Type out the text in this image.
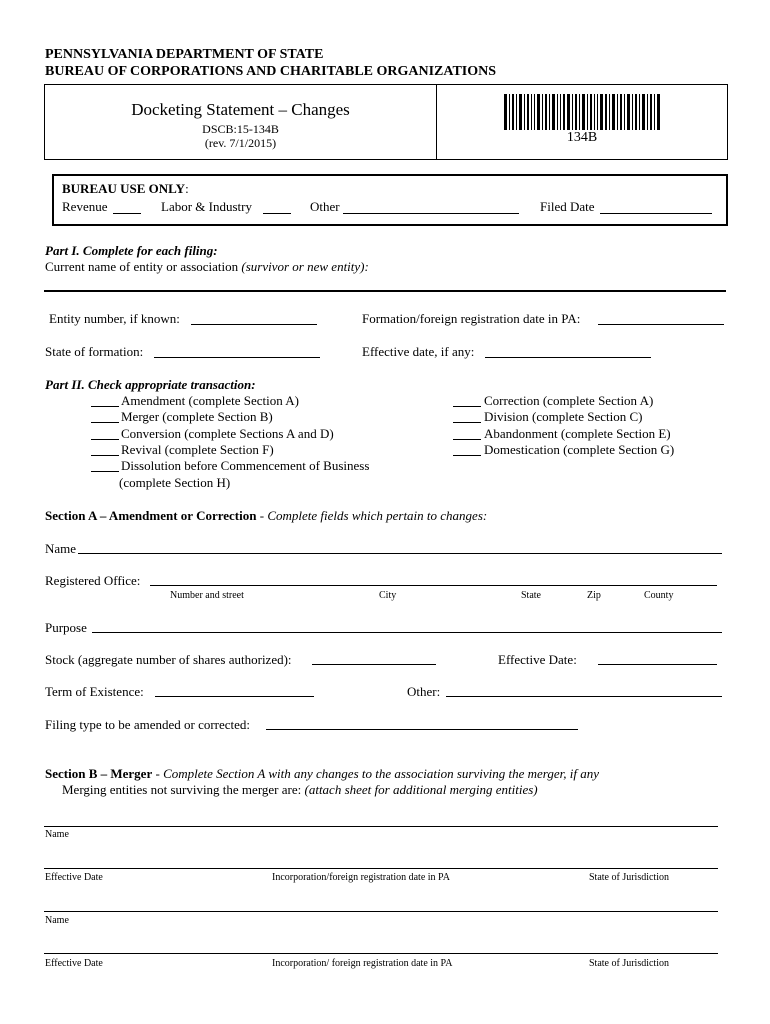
PENNSYLVANIA DEPARTMENT OF STATE
BUREAU OF CORPORATIONS AND CHARITABLE ORGANIZATIONS
Docketing Statement – Changes
DSCB:15-134B
(rev. 7/1/2015)	134B
BUREAU USE ONLY:
Revenue	Labor & Industry	Other	Filed Date
Part I. Complete for each filing:
Current name of entity or association (survivor or new entity):
Entity number, if known:	Formation/foreign registration date in PA:
State of formation:	Effective date, if any:
Part II. Check appropriate transaction:
Amendment (complete Section A)
Merger (complete Section B)
Conversion (complete Sections A and D)
Revival (complete Section F)
Dissolution before Commencement of Business
(complete Section H)
Correction (complete Section A)
Division (complete Section C)
Abandonment (complete Section E)
Domestication (complete Section G)
Section A – Amendment or Correction - Complete fields which pertain to changes:
Name
Registered Office:
Number and street	City	State	Zip	County
Purpose
Stock (aggregate number of shares authorized):	Effective Date:
Term of Existence:	Other:
Filing type to be amended or corrected:
Section B – Merger - Complete Section A with any changes to the association surviving the merger, if any
Merging entities not surviving the merger are: (attach sheet for additional merging entities)
Name
Effective Date	Incorporation/foreign registration date in PA	State of Jurisdiction
Name
Effective Date	Incorporation/ foreign registration date in PA	State of Jurisdiction
